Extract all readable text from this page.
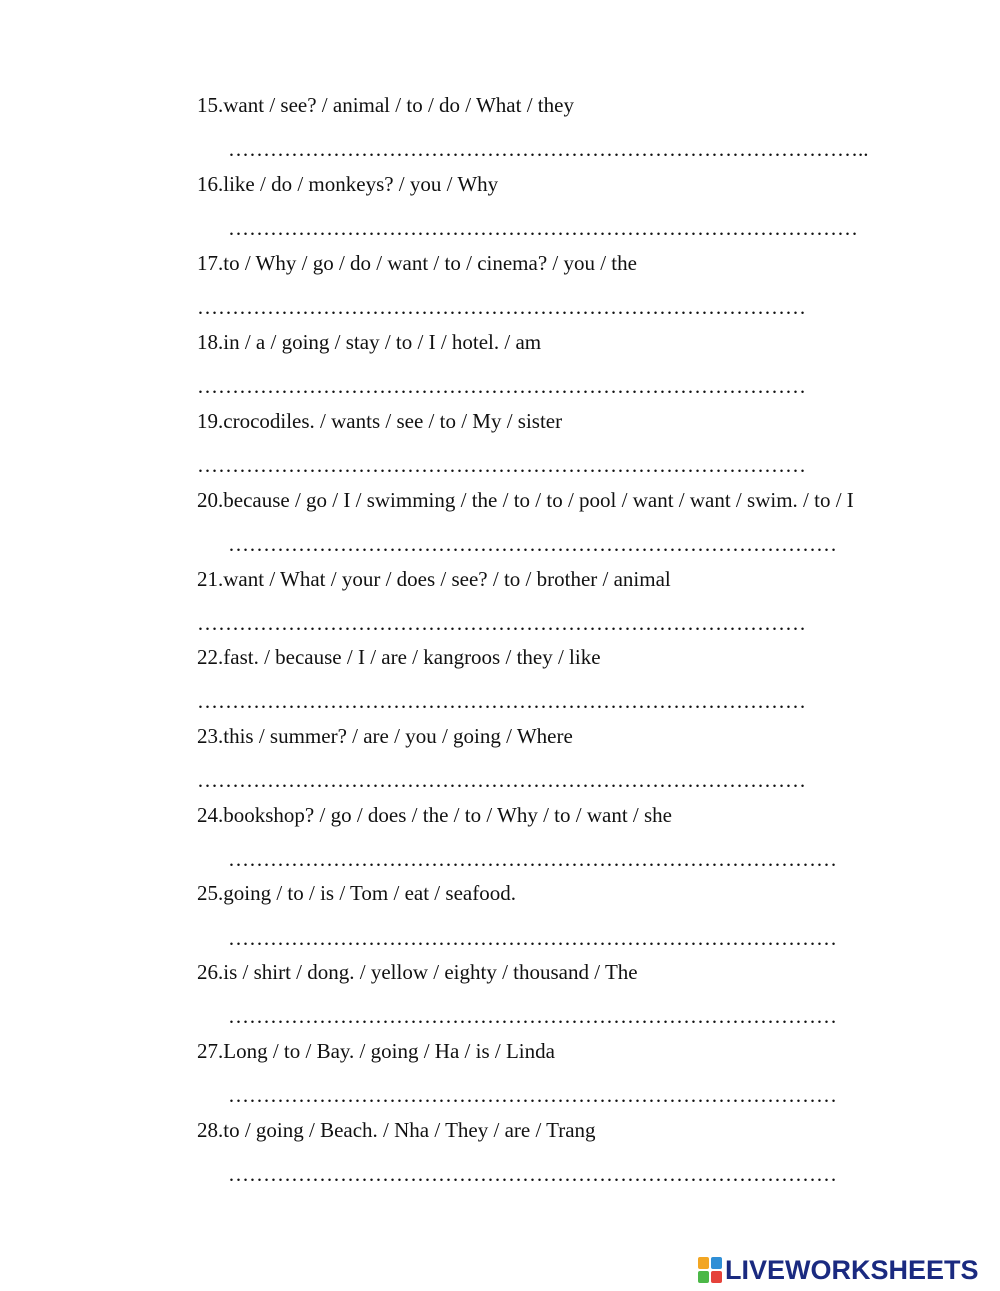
15.want / see? / animal / to / do / What / they
………………………………………………………………………………..
16.like / do / monkeys? / you / Why
………………………………………………………………………………
17.to / Why / go / do / want / to / cinema? / you / the
……………………………………………………………………………
18.in / a / going / stay / to / I / hotel. / am
……………………………………………………………………………
19.crocodiles. / wants / see / to / My / sister
……………………………………………………………………………
20.because / go / I / swimming / the / to / to / pool / want / want / swim. / to / I
……………………………………………………………………………
21.want / What / your / does / see? / to / brother / animal
……………………………………………………………………………
22.fast. / because / I / are / kangroos / they / like
……………………………………………………………………………
23.this / summer? / are / you / going / Where
……………………………………………………………………………
24.bookshop? / go / does / the / to / Why / to / want / she
……………………………………………………………………………
25.going / to / is / Tom / eat / seafood.
……………………………………………………………………………
26.is / shirt / dong. / yellow / eighty / thousand / The
……………………………………………………………………………
27.Long / to / Bay. / going / Ha / is / Linda
……………………………………………………………………………
28.to / going / Beach. / Nha / They / are / Trang
……………………………………………………………………………
LIVEWORKSHEETS
